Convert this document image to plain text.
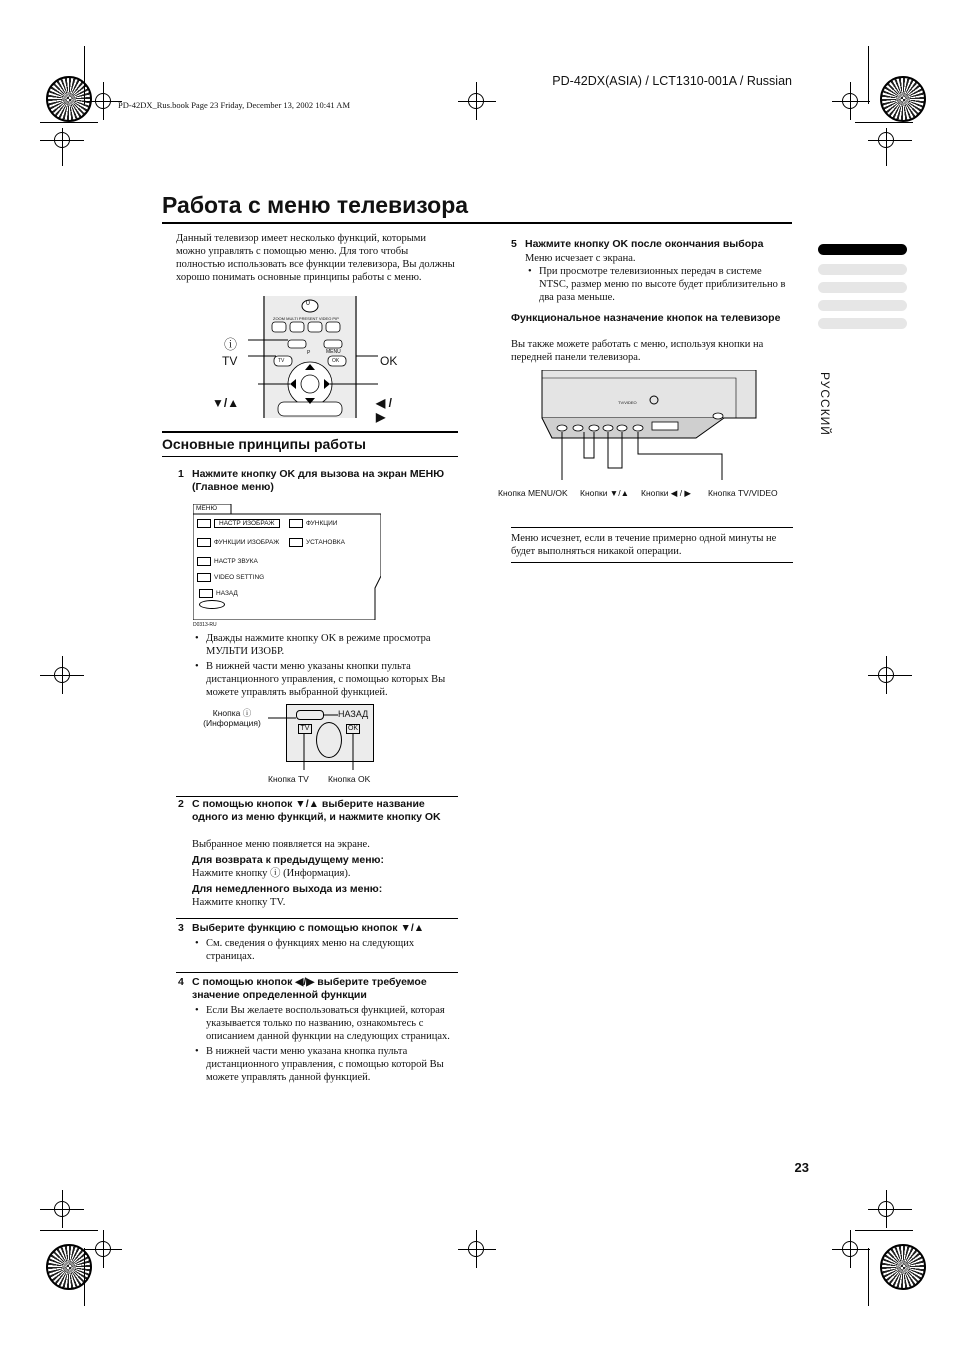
PD-42DX(ASIA) / LCT1310-001A / Russian
PD-42DX_Rus.book Page 23 Friday, December 13, 2002 10:41 AM
Работа с меню телевизора
РУССКИЙ

Данный телевизор имеет несколько функций, которыми можно управлять с помощью меню. Для того чтобы полностью использовать все функции телевизора, Вы должны хорошо понимать основные принципы работы с меню.

ⓘ
TV	OK
▼/▲	◀ / ▶
0
ZOOM MULTI PRESENT VIDEO PIP
MENU
OK
TV
P
Основные принципы работы
1 Нажмите кнопку OK для вызова на экран МЕНЮ (Главное меню)
МЕНЮ
НАСТР ИЗОБРАЖ	ФУНКЦИИ
ФУНКЦИИ ИЗОБРАЖ	УСТАНОВКА
НАСТР ЗВУКА
VIDEO SETTING
НАЗАД
D0313-RU
• Дважды нажмите кнопку OK в режиме просмотра МУЛЬТИ ИЗОБР.
• В нижней части меню указаны кнопки пульта дистанционного управления, с помощью которых Вы можете управлять выбранной функцией.
Кнопка ⓘ (Информация)
НАЗАД
TV	OK
Кнопка TV Кнопка OK
2 С помощью кнопок ▼/▲ выберите название одного из меню функций, и нажмите кнопку OK
Выбранное меню появляется на экране.
Для возврата к предыдущему меню:
Нажмите кнопку ⓘ (Информация).
Для немедленного выхода из меню:
Нажмите кнопку TV.
3 Выберите функцию с помощью кнопок ▼/▲
• См. сведения о функциях меню на следующих страницах.
4 С помощью кнопок ◀/▶ выберите требуемое значение определенной функции
• Если Вы желаете воспользоваться функцией, которая указывается только по названию, ознакомьтесь с описанием данной функции на следующих страницах.
• В нижней части меню указана кнопка пульта дистанционного управления, с помощью которой Вы можете управлять данной функцией.
5 Нажмите кнопку OK после окончания выбора
Меню исчезает с экрана.
• При просмотре телевизионных передач в системе NTSC, размер меню по высоте будет приблизительно в два раза меньше.
Функциональное назначение кнопок на телевизоре
Вы также можете работать с меню, используя кнопки на передней панели телевизора.
TV/VIDEO
Кнопка MENU/OK Кнопки ▼/▲ Кнопки ◀ / ▶ Кнопка TV/VIDEO
Меню исчезнет, если в течение примерно одной минуты не будет выполняться никакой операции.
23
